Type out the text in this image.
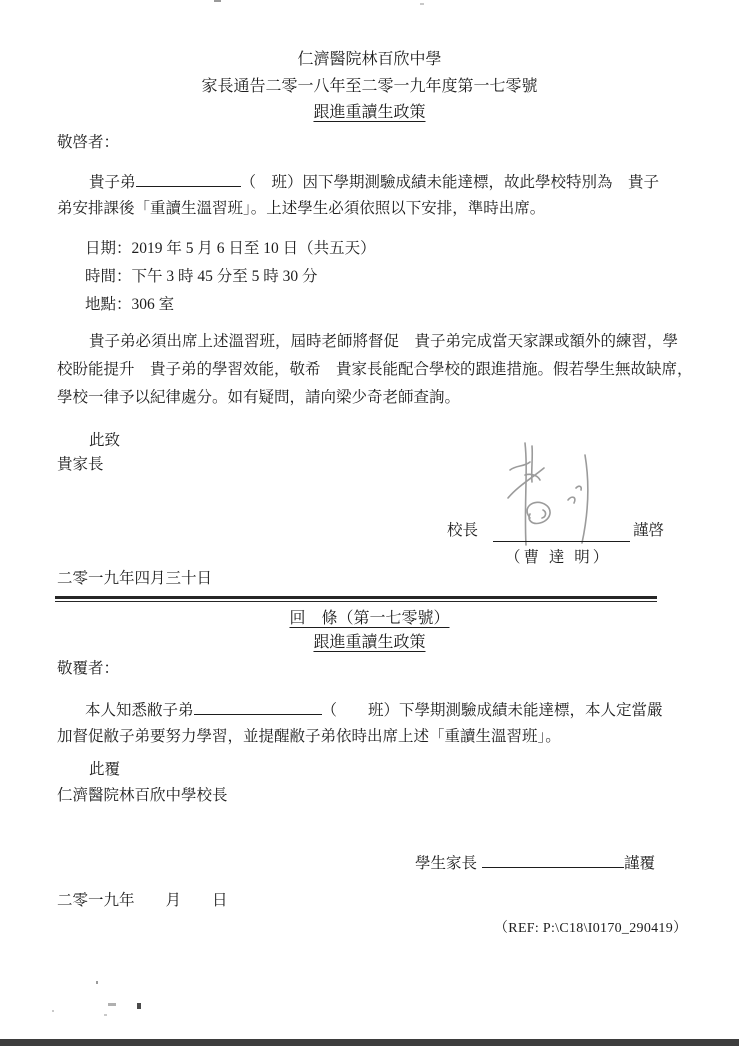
仁濟醫院林百欣中學
家長通告二零一八年至二零一九年度第一七零號
跟進重讀生政策
敬啓者：
貴子弟	（　班）因下學期測驗成績未能達標，故此學校特別為　貴子
弟安排課後「重讀生溫習班」。上述學生必須依照以下安排，準時出席。
日期：2019 年 5 月 6 日至 10 日（共五天）
時間：下午 3 時 45 分至 5 時 30 分
地點：306 室
貴子弟必須出席上述溫習班，屆時老師將督促　貴子弟完成當天家課或額外的練習，學
校盼能提升　貴子弟的學習效能，敬希　貴家長能配合學校的跟進措施。假若學生無故缺席，
學校一律予以紀律處分。如有疑問，請向梁少奇老師查詢。
此致
貴家長
校長	謹啓
（曹 達 明）
二零一九年四月三十日
回　條（第一七零號）
跟進重讀生政策
敬覆者：
本人知悉敝子弟	（　　班）下學期測驗成績未能達標，本人定當嚴
加督促敝子弟要努力學習，並提醒敝子弟依時出席上述「重讀生溫習班」。
此覆
仁濟醫院林百欣中學校長
學生家長	謹覆
二零一九年　　月　　日
（REF: P:\C18\I0170_290419）
